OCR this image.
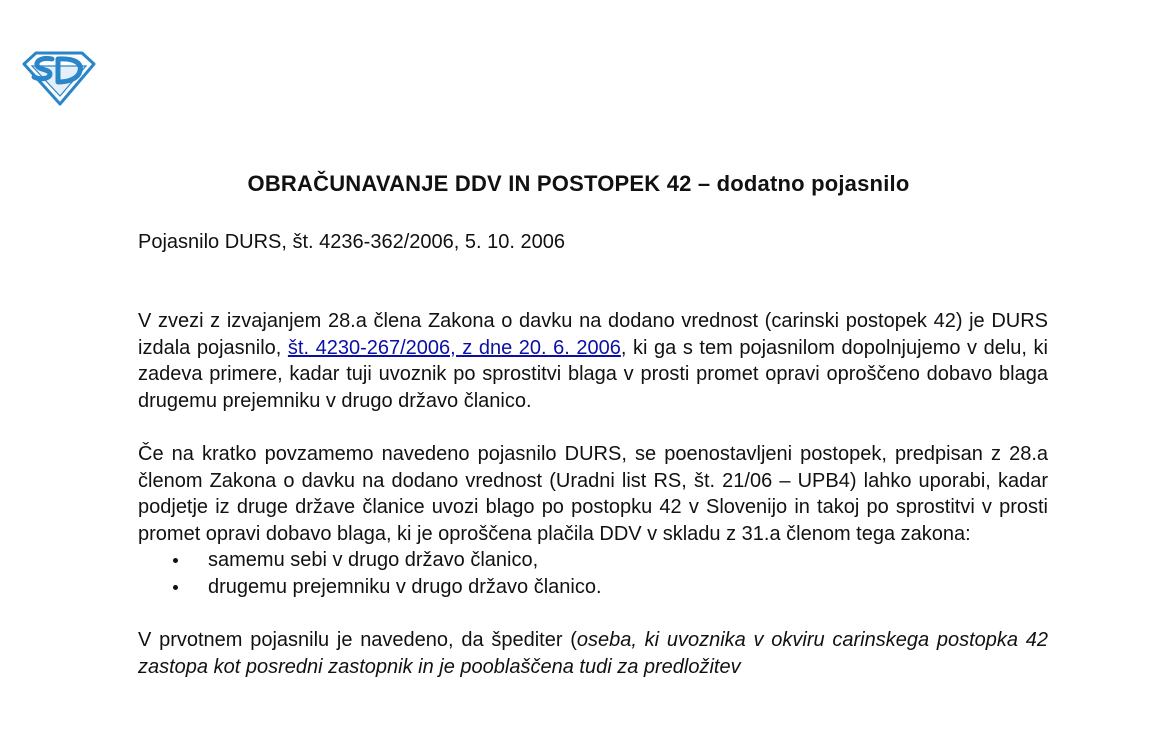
OBRAČUNAVANJE DDV IN POSTOPEK 42 – dodatno pojasnilo
Pojasnilo DURS, št. 4236-362/2006, 5. 10. 2006

V zvezi z izvajanjem 28.a člena Zakona o davku na dodano vrednost (carinski postopek 42) je DURS izdala pojasnilo, št. 4230-267/2006, z dne 20. 6. 2006, ki ga s tem pojasnilom dopolnjujemo v delu, ki zadeva primere, kadar tuji uvoznik po sprostitvi blaga v prosti promet opravi oproščeno dobavo blaga drugemu prejemniku v drugo državo članico.

Če na kratko povzamemo navedeno pojasnilo DURS, se poenostavljeni postopek, predpisan z 28.a členom Zakona o davku na dodano vrednost (Uradni list RS, št. 21/06 – UPB4) lahko uporabi, kadar podjetje iz druge države članice uvozi blago po postopku 42 v Slovenijo in takoj po sprostitvi v prosti promet opravi dobavo blaga, ki je oproščena plačila DDV v skladu z 31.a členom tega zakona:

samemu sebi v drugo državo članico,
drugemu prejemniku v drugo državo članico.

V prvotnem pojasnilu je navedeno, da špediter (oseba, ki uvoznika v okviru carinskega postopka 42 zastopa kot posredni zastopnik in je pooblaščena tudi za predložitev
